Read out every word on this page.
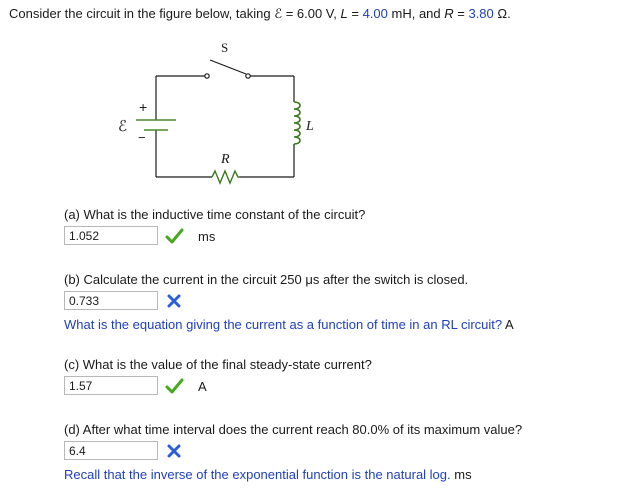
Consider the circuit in the figure below, taking ℰ = 6.00 V, L = 4.00 mH, and R = 3.80 Ω.
S
+
ℰ
−
L
R
(a) What is the inductive time constant of the circuit?
1.052	ms
(b) Calculate the current in the circuit 250 μs after the switch is closed.
0.733
What is the equation giving the current as a function of time in an RL circuit? A
(c) What is the value of the final steady-state current?
1.57	A
(d) After what time interval does the current reach 80.0% of its maximum value?
6.4
Recall that the inverse of the exponential function is the natural log. ms
